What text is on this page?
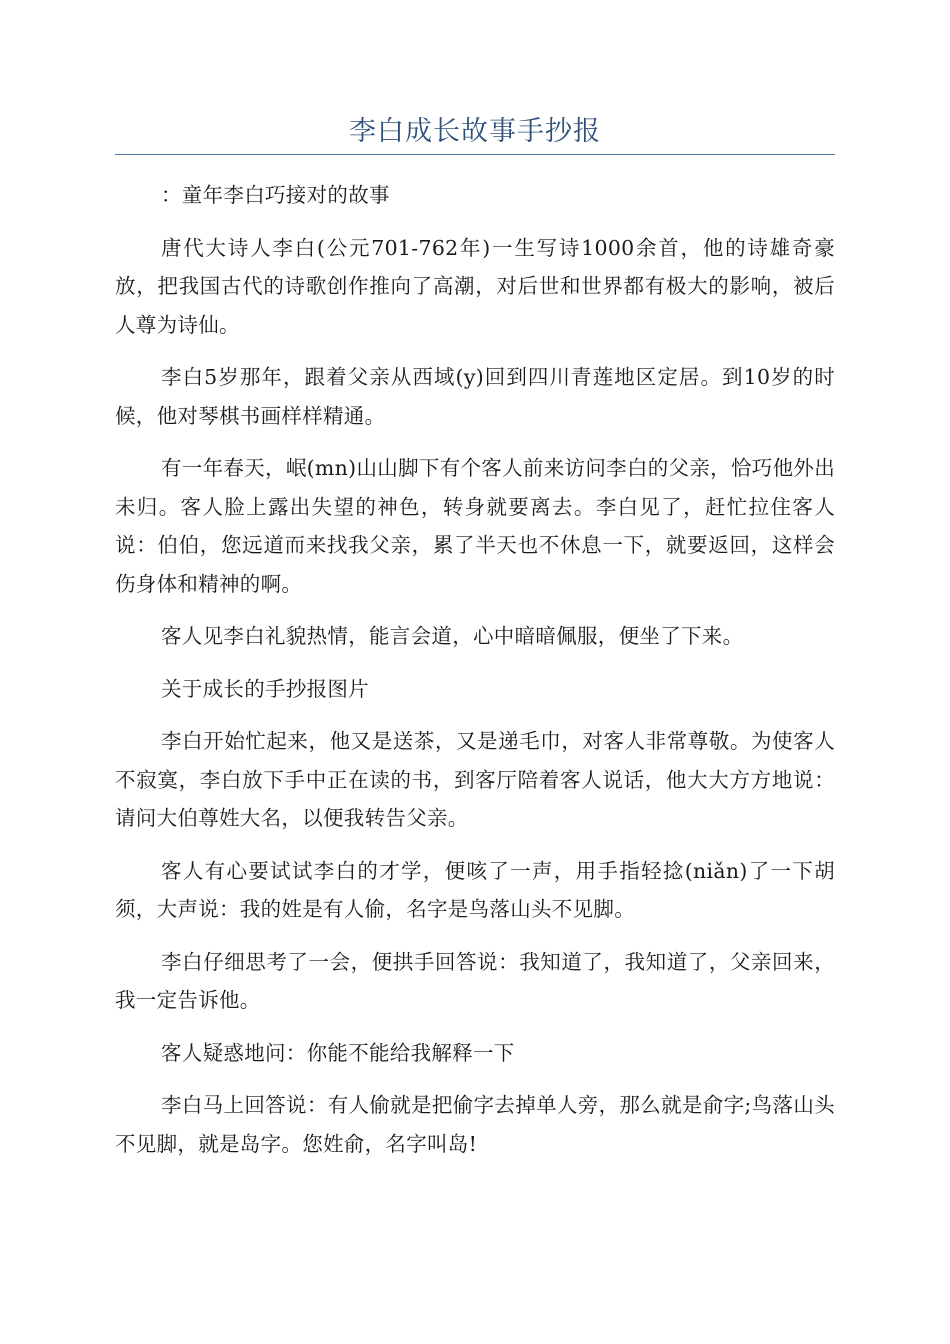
李白成长故事手抄报

：童年李白巧接对的故事

唐代大诗人李白(公元701-762年)一生写诗1000余首，他的诗雄奇豪放，把我国古代的诗歌创作推向了高潮，对后世和世界都有极大的影响，被后人尊为诗仙。

李白5岁那年，跟着父亲从西域(y)回到四川青莲地区定居。到10岁的时候，他对琴棋书画样样精通。

有一年春天，岷(mn)山山脚下有个客人前来访问李白的父亲，恰巧他外出未归。客人脸上露出失望的神色，转身就要离去。李白见了，赶忙拉住客人说：伯伯，您远道而来找我父亲，累了半天也不休息一下，就要返回，这样会伤身体和精神的啊。

客人见李白礼貌热情，能言会道，心中暗暗佩服，便坐了下来。

关于成长的手抄报图片

李白开始忙起来，他又是送茶，又是递毛巾，对客人非常尊敬。为使客人不寂寞，李白放下手中正在读的书，到客厅陪着客人说话，他大大方方地说：请问大伯尊姓大名，以便我转告父亲。

客人有心要试试李白的才学，便咳了一声，用手指轻捻(niǎn)了一下胡须，大声说：我的姓是有人偷，名字是鸟落山头不见脚。

李白仔细思考了一会，便拱手回答说：我知道了，我知道了，父亲回来，我一定告诉他。

客人疑惑地问：你能不能给我解释一下

李白马上回答说：有人偷就是把偷字去掉单人旁，那么就是俞字;鸟落山头不见脚，就是岛字。您姓俞，名字叫岛!
